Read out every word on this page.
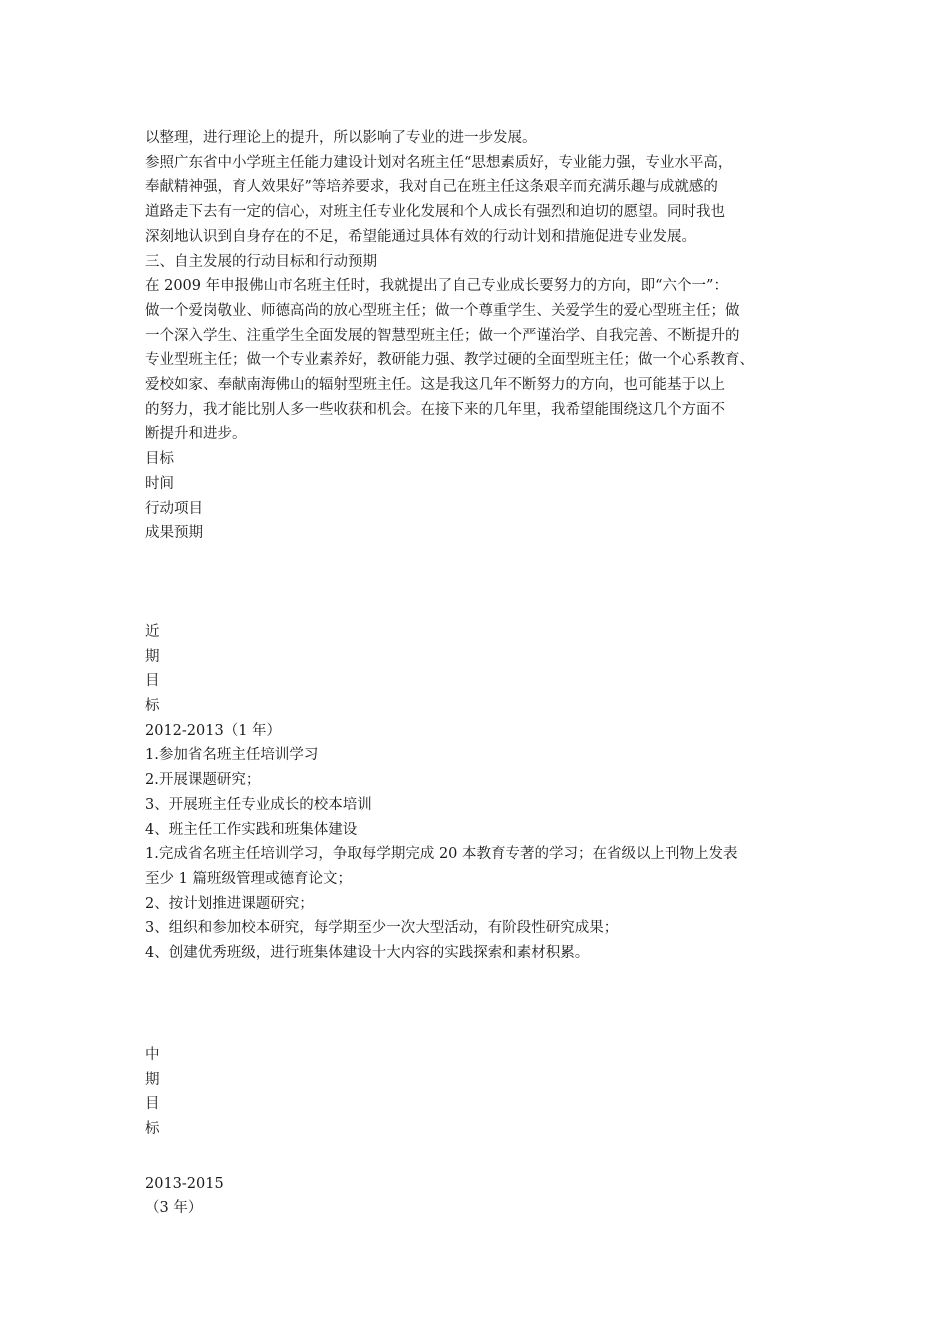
以整理，进行理论上的提升，所以影响了专业的进一步发展。

参照广东省中小学班主任能力建设计划对名班主任“思想素质好，专业能力强，专业水平高，

奉献精神强，育人效果好”等培养要求，我对自己在班主任这条艰辛而充满乐趣与成就感的

道路走下去有一定的信心，对班主任专业化发展和个人成长有强烈和迫切的愿望。同时我也

深刻地认识到自身存在的不足，希望能通过具体有效的行动计划和措施促进专业发展。

三、自主发展的行动目标和行动预期

在 2009 年申报佛山市名班主任时，我就提出了自己专业成长要努力的方向，即“六个一”：

做一个爱岗敬业、师德高尚的放心型班主任；做一个尊重学生、关爱学生的爱心型班主任；做

一个深入学生、注重学生全面发展的智慧型班主任；做一个严谨治学、自我完善、不断提升的

专业型班主任；做一个专业素养好，教研能力强、教学过硬的全面型班主任；做一个心系教育、

爱校如家、奉献南海佛山的辐射型班主任。这是我这几年不断努力的方向，也可能基于以上

的努力，我才能比别人多一些收获和机会。在接下来的几年里，我希望能围绕这几个方面不

断提升和进步。

目标

时间

行动项目

成果预期

近

期

目

标

2012-2013（1 年）

1.参加省名班主任培训学习

2.开展课题研究；

3、开展班主任专业成长的校本培训

4、班主任工作实践和班集体建设

1.完成省名班主任培训学习，争取每学期完成 20 本教育专著的学习；在省级以上刊物上发表

至少 1 篇班级管理或德育论文；

2、按计划推进课题研究；

3、组织和参加校本研究，每学期至少一次大型活动，有阶段性研究成果；

4、创建优秀班级，进行班集体建设十大内容的实践探索和素材积累。

中

期

目

标

2013-2015

（3 年）
